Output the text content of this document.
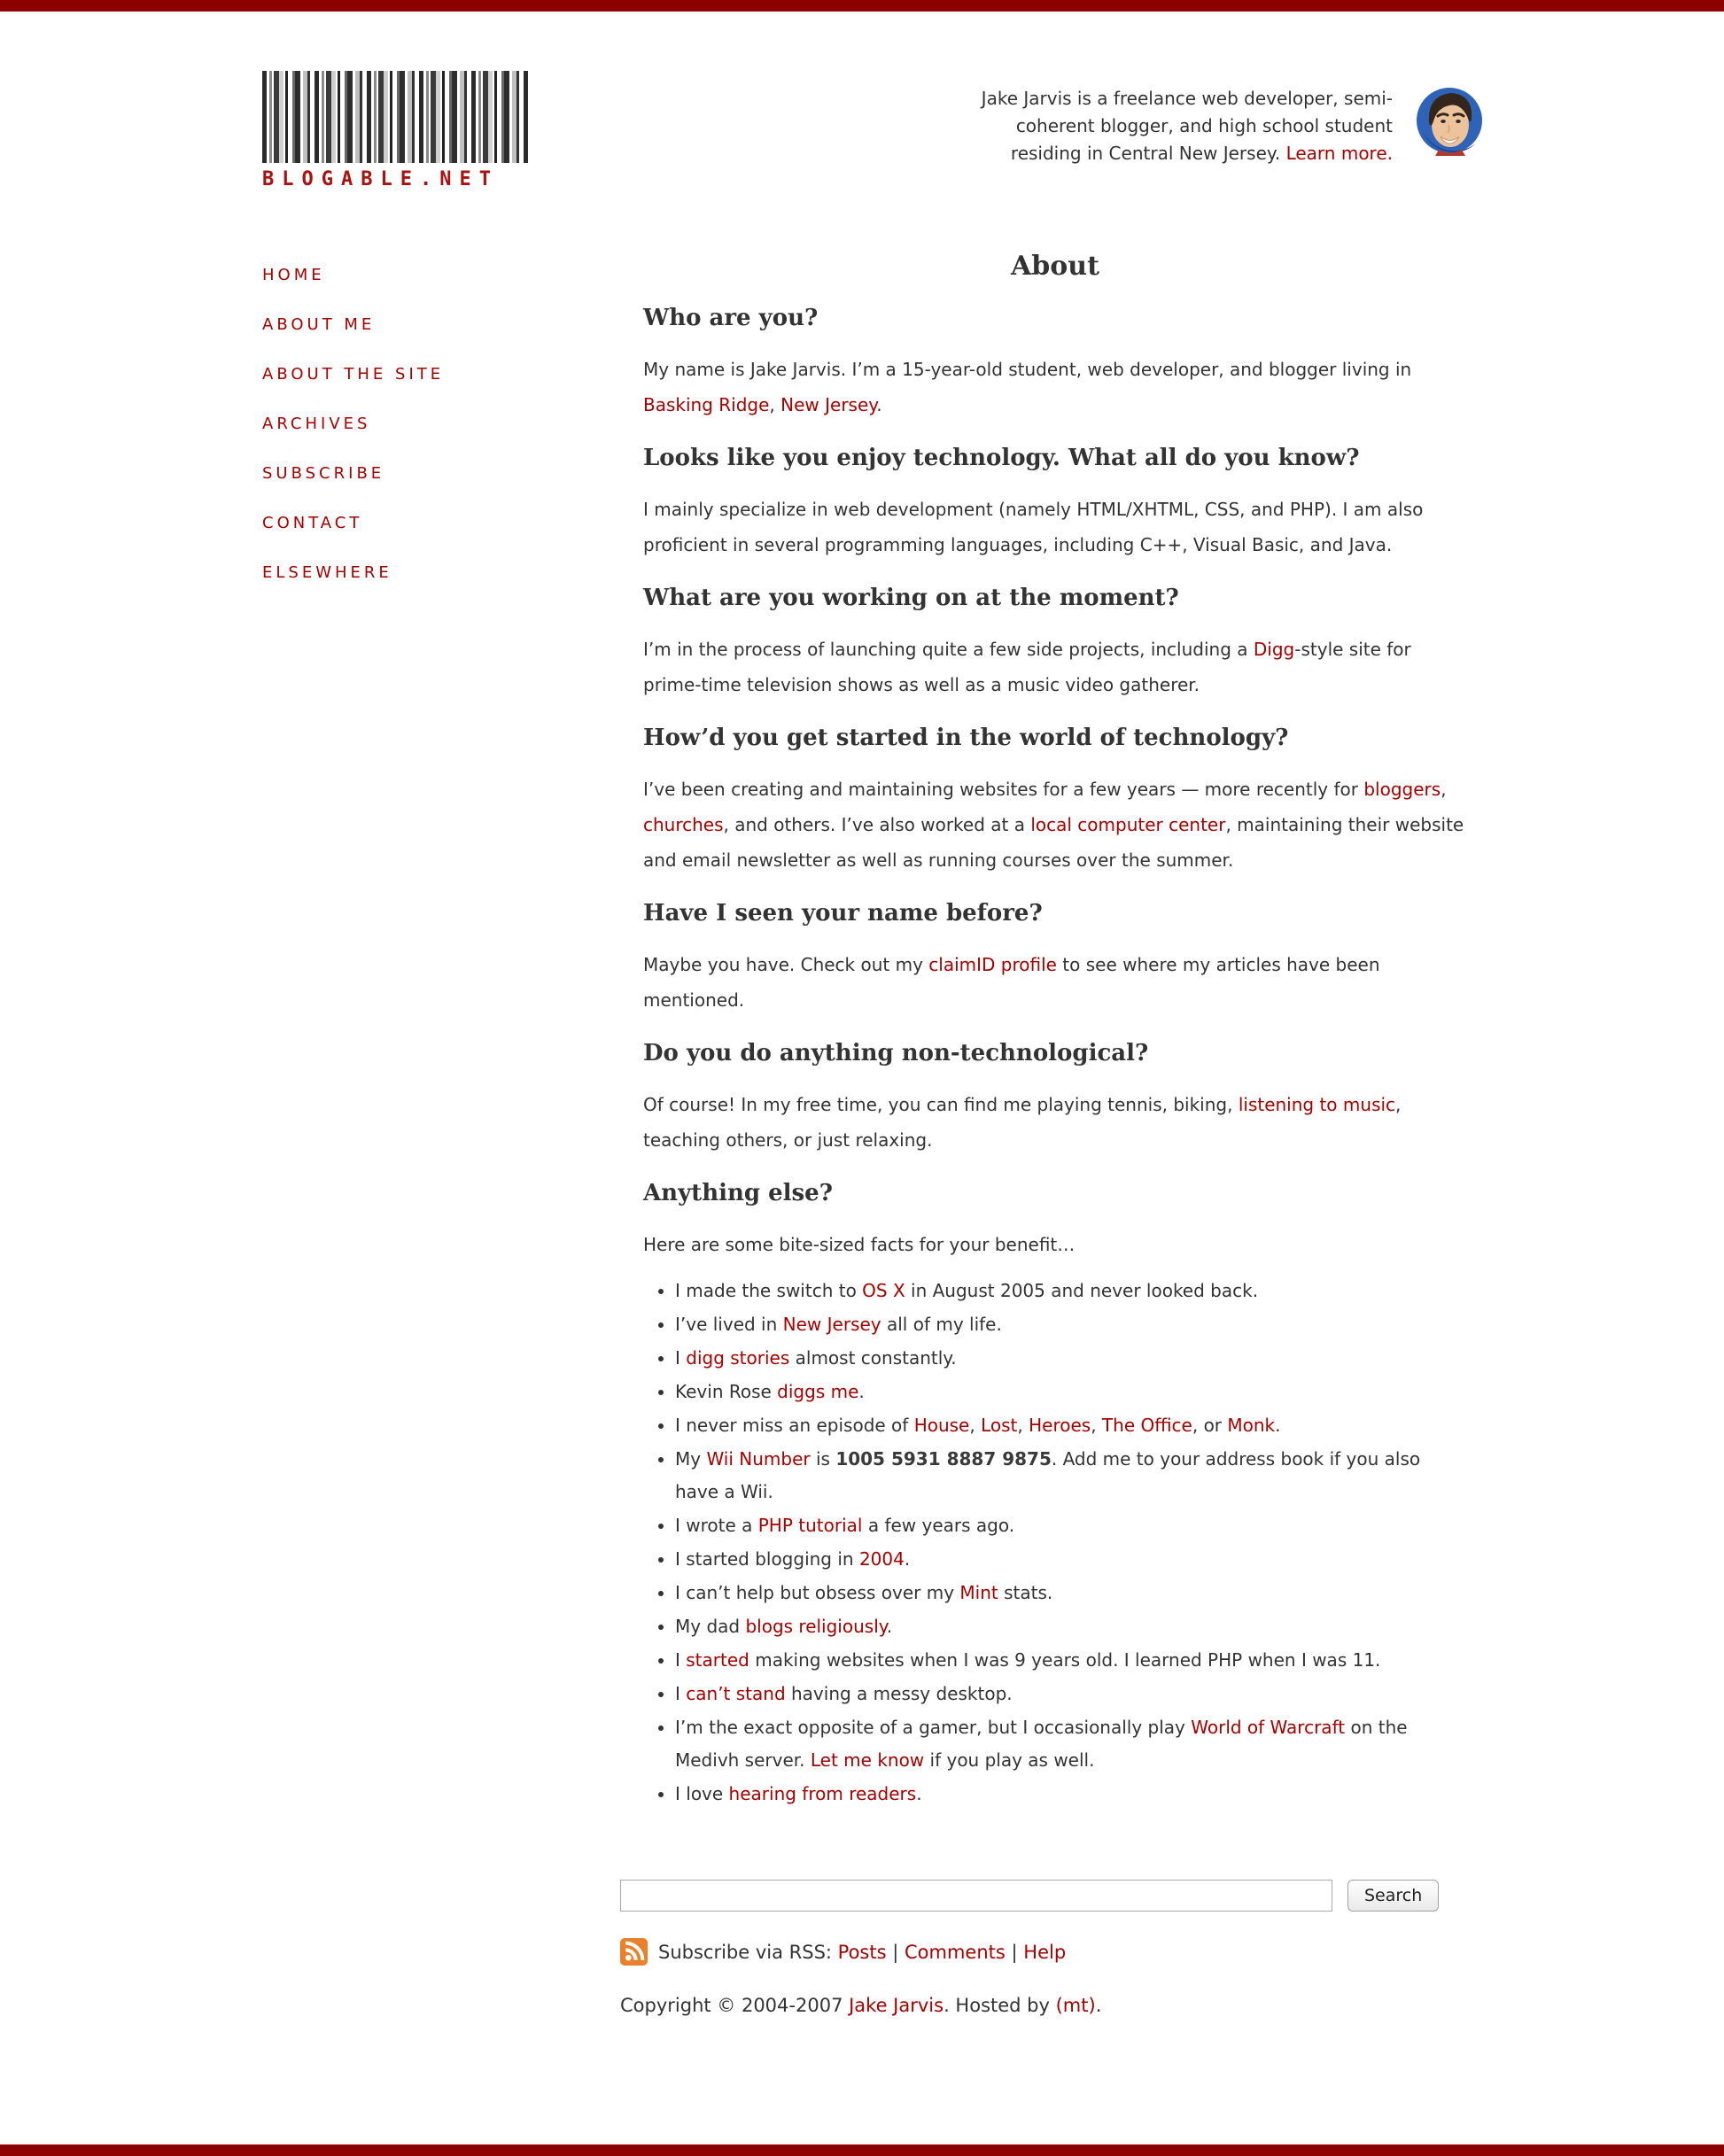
BLOGABLE.NET

Jake Jarvis is a freelance web developer, semi-coherent blogger, and high school student residing in Central New Jersey. Learn more.

HOME
ABOUT ME
ABOUT THE SITE
ARCHIVES
SUBSCRIBE
CONTACT
ELSEWHERE
About
Who are you?

My name is Jake Jarvis. I’m a 15-year-old student, web developer, and blogger living in Basking Ridge, New Jersey.

Looks like you enjoy technology. What all do you know?

I mainly specialize in web development (namely HTML/XHTML, CSS, and PHP). I am also proficient in several programming languages, including C++, Visual Basic, and Java.

What are you working on at the moment?

I’m in the process of launching quite a few side projects, including a Digg-style site for prime-time television shows as well as a music video gatherer.

How’d you get started in the world of technology?

I’ve been creating and maintaining websites for a few years — more recently for bloggers, churches, and others. I’ve also worked at a local computer center, maintaining their website and email newsletter as well as running courses over the summer.

Have I seen your name before?

Maybe you have. Check out my claimID profile to see where my articles have been mentioned.

Do you do anything non-technological?

Of course! In my free time, you can find me playing tennis, biking, listening to music, teaching others, or just relaxing.

Anything else?

Here are some bite-sized facts for your benefit…

• I made the switch to OS X in August 2005 and never looked back.
• I’ve lived in New Jersey all of my life.
• I digg stories almost constantly.
• Kevin Rose diggs me.
• I never miss an episode of House, Lost, Heroes, The Office, or Monk.
• My Wii Number is 1005 5931 8887 9875. Add me to your address book if you also have a Wii.
• I wrote a PHP tutorial a few years ago.
• I started blogging in 2004.
• I can’t help but obsess over my Mint stats.
• My dad blogs religiously.
• I started making websites when I was 9 years old. I learned PHP when I was 11.
• I can’t stand having a messy desktop.
• I’m the exact opposite of a gamer, but I occasionally play World of Warcraft on the Medivh server. Let me know if you play as well.
• I love hearing from readers.
Search
Subscribe via RSS: Posts | Comments | Help

Copyright © 2004-2007 Jake Jarvis. Hosted by (mt).
